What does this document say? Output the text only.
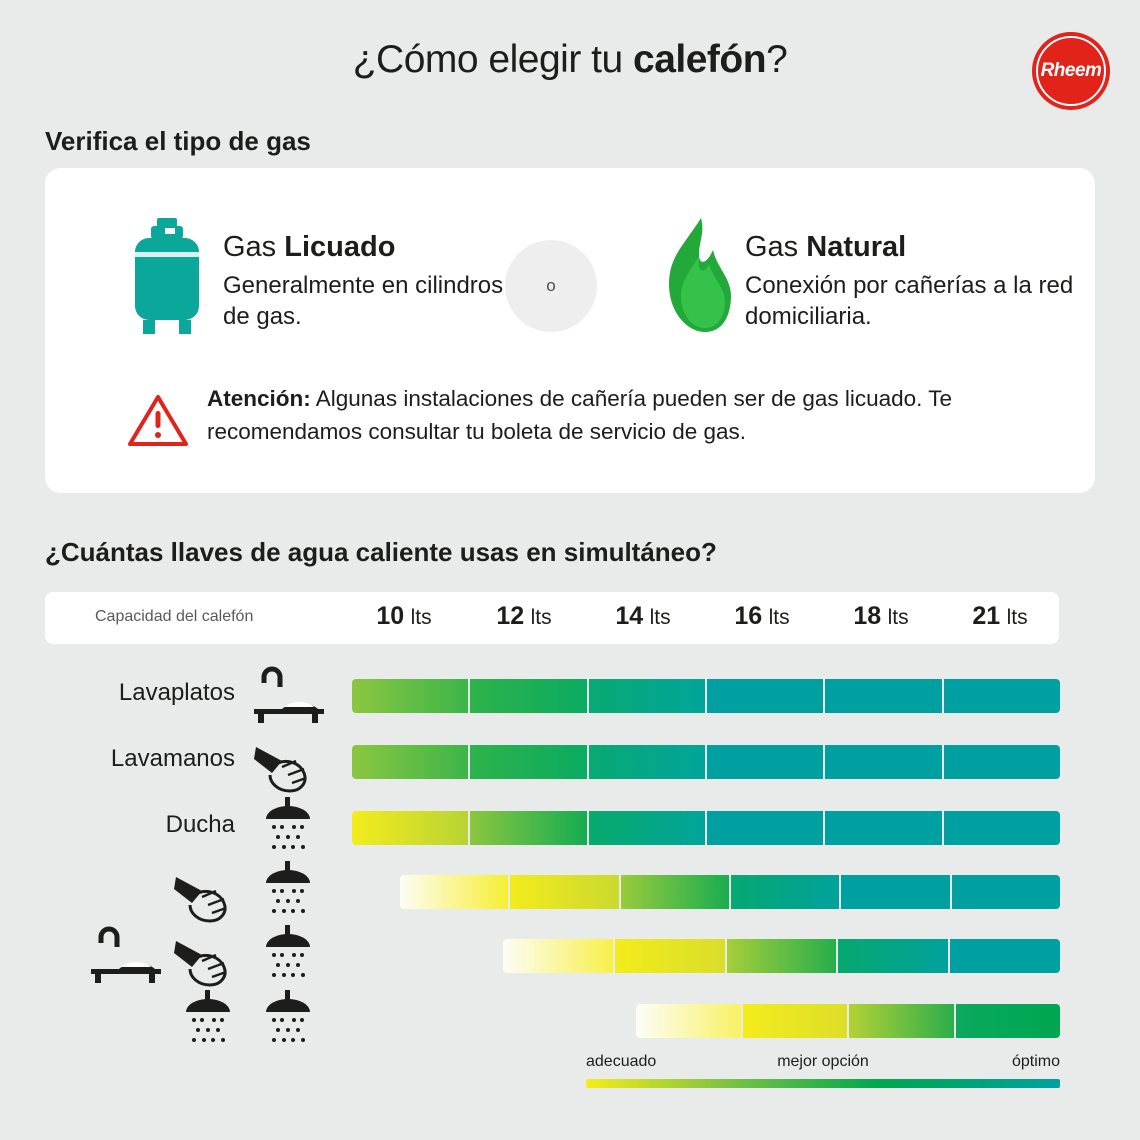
¿Cómo elegir tu calefón?	Rheem
Verifica el tipo de gas
Gas Licuado
Generalmente en cilindros de gas.
o
Gas Natural
Conexión por cañerías a la red domiciliaria.
Atención: Algunas instalaciones de cañería pueden ser de gas licuado. Te recomendamos consultar tu boleta de servicio de gas.
¿Cuántas llaves de agua caliente usas en simultáneo?
Capacidad del calefón	10 lts	12 lts	14 lts	16 lts	18 lts	21 lts
Lavaplatos
Lavamanos
Ducha
adecuado	mejor opción	óptimo
